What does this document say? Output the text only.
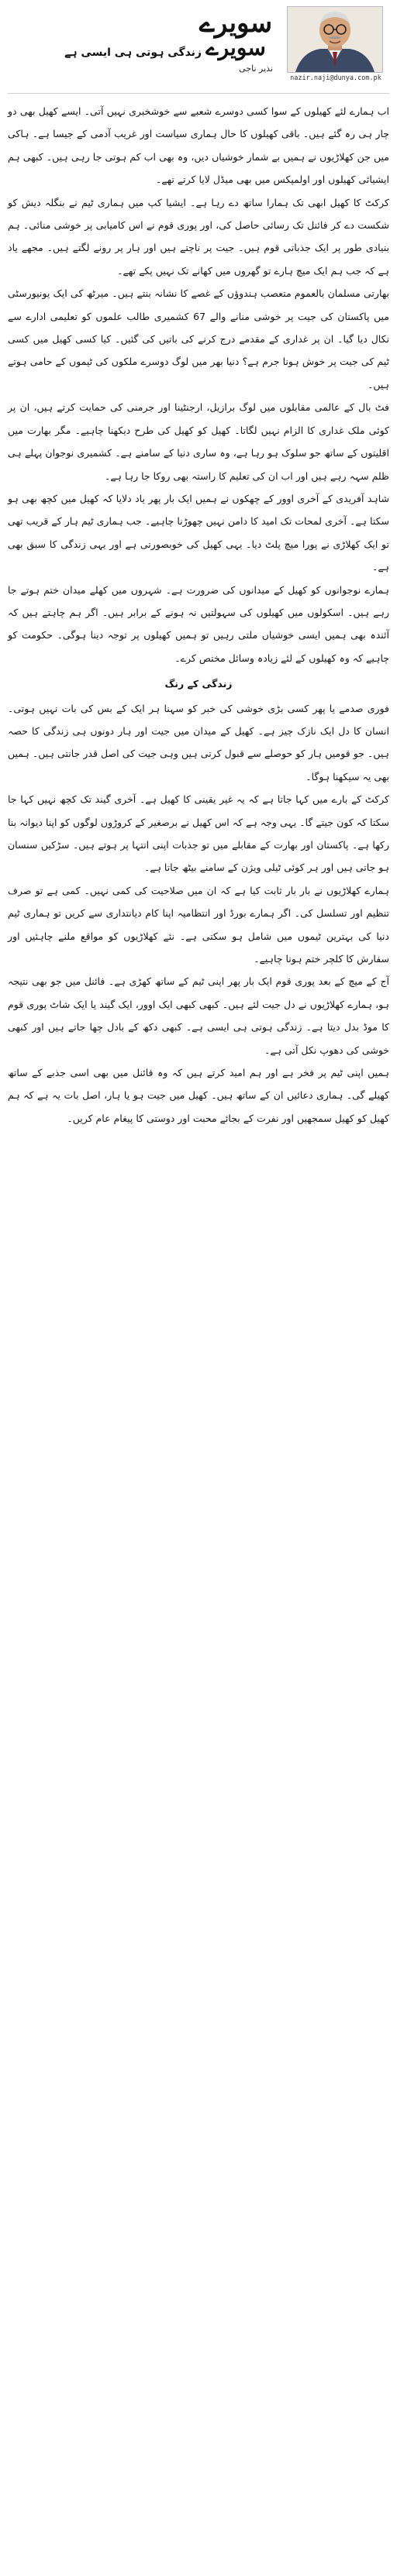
زندگی ہوتی ہی ایسی ہے
سویرے
سویرے
نذیر ناجی
nazir.naji@dunya.com.pk

اب ہمارے لئے کھیلوں کے سوا کسی دوسرے شعبے سے خوشخبری نہیں آتی۔ ایسے کھیل بھی دو چار ہی رہ گئے ہیں۔ باقی کھیلوں کا حال ہماری سیاست اور غریب آدمی کے جیسا ہے۔ ہاکی میں جن کھلاڑیوں نے ہمیں بے شمار خوشیاں دیں، وہ بھی اب کم ہوتی جا رہی ہیں۔ کبھی ہم ایشیائی کھیلوں اور اولمپکس میں بھی میڈل لایا کرتے تھے۔

کرکٹ کا کھیل ابھی تک ہمارا ساتھ دے رہا ہے۔ ایشیا کپ میں ہماری ٹیم نے بنگلہ دیش کو شکست دے کر فائنل تک رسائی حاصل کی، اور پوری قوم نے اس کامیابی پر خوشی منائی۔ ہم بنیادی طور پر ایک جذباتی قوم ہیں۔ جیت پر ناچتے ہیں اور ہار پر رونے لگتے ہیں۔ مجھے یاد ہے کہ جب ہم ایک میچ ہارے تو گھروں میں کھانے تک نہیں پکے تھے۔

بھارتی مسلمان بالعموم متعصب ہندوؤں کے غصے کا نشانہ بنتے ہیں۔ میرٹھ کی ایک یونیورسٹی میں پاکستان کی جیت پر خوشی منانے والے 67 کشمیری طالب علموں کو تعلیمی ادارے سے نکال دیا گیا۔ ان پر غداری کے مقدمے درج کرنے کی باتیں کی گئیں۔ کیا کسی کھیل میں کسی ٹیم کی جیت پر خوش ہونا جرم ہے؟ دنیا بھر میں لوگ دوسرے ملکوں کی ٹیموں کے حامی ہوتے ہیں۔

فٹ بال کے عالمی مقابلوں میں لوگ برازیل، ارجنٹینا اور جرمنی کی حمایت کرتے ہیں، ان پر کوئی ملک غداری کا الزام نہیں لگاتا۔ کھیل کو کھیل کی طرح دیکھنا چاہیے۔ مگر بھارت میں اقلیتوں کے ساتھ جو سلوک ہو رہا ہے، وہ ساری دنیا کے سامنے ہے۔ کشمیری نوجوان پہلے ہی ظلم سہہ رہے ہیں اور اب ان کی تعلیم کا راستہ بھی روکا جا رہا ہے۔

شاہد آفریدی کے آخری اوور کے چھکوں نے ہمیں ایک بار پھر یاد دلایا کہ کھیل میں کچھ بھی ہو سکتا ہے۔ آخری لمحات تک امید کا دامن نہیں چھوڑنا چاہیے۔ جب ہماری ٹیم ہار کے قریب تھی تو ایک کھلاڑی نے پورا میچ پلٹ دیا۔ یہی کھیل کی خوبصورتی ہے اور یہی زندگی کا سبق بھی ہے۔

ہمارے نوجوانوں کو کھیل کے میدانوں کی ضرورت ہے۔ شہروں میں کھلے میدان ختم ہوتے جا رہے ہیں۔ اسکولوں میں کھیلوں کی سہولتیں نہ ہونے کے برابر ہیں۔ اگر ہم چاہتے ہیں کہ آئندہ بھی ہمیں ایسی خوشیاں ملتی رہیں تو ہمیں کھیلوں پر توجہ دینا ہوگی۔ حکومت کو چاہیے کہ وہ کھیلوں کے لئے زیادہ وسائل مختص کرے۔

زندگی کے رنگ

فوری صدمے یا پھر کسی بڑی خوشی کی خبر کو سہنا ہر ایک کے بس کی بات نہیں ہوتی۔ انسان کا دل ایک نازک چیز ہے۔ کھیل کے میدان میں جیت اور ہار دونوں ہی زندگی کا حصہ ہیں۔ جو قومیں ہار کو حوصلے سے قبول کرتی ہیں وہی جیت کی اصل قدر جانتی ہیں۔ ہمیں بھی یہ سیکھنا ہوگا۔

کرکٹ کے بارے میں کہا جاتا ہے کہ یہ غیر یقینی کا کھیل ہے۔ آخری گیند تک کچھ نہیں کہا جا سکتا کہ کون جیتے گا۔ یہی وجہ ہے کہ اس کھیل نے برصغیر کے کروڑوں لوگوں کو اپنا دیوانہ بنا رکھا ہے۔ پاکستان اور بھارت کے مقابلے میں تو جذبات اپنی انتہا پر ہوتے ہیں۔ سڑکیں سنسان ہو جاتی ہیں اور ہر کوئی ٹیلی ویژن کے سامنے بیٹھ جاتا ہے۔

ہمارے کھلاڑیوں نے بار بار ثابت کیا ہے کہ ان میں صلاحیت کی کمی نہیں۔ کمی ہے تو صرف تنظیم اور تسلسل کی۔ اگر ہمارے بورڈ اور انتظامیہ اپنا کام دیانتداری سے کریں تو ہماری ٹیم دنیا کی بہترین ٹیموں میں شامل ہو سکتی ہے۔ نئے کھلاڑیوں کو مواقع ملنے چاہئیں اور سفارش کا کلچر ختم ہونا چاہیے۔

آج کے میچ کے بعد پوری قوم ایک بار پھر اپنی ٹیم کے ساتھ کھڑی ہے۔ فائنل میں جو بھی نتیجہ ہو، ہمارے کھلاڑیوں نے دل جیت لئے ہیں۔ کبھی کبھی ایک اوور، ایک گیند یا ایک شاٹ پوری قوم کا موڈ بدل دیتا ہے۔ زندگی ہوتی ہی ایسی ہے۔ کبھی دکھ کے بادل چھا جاتے ہیں اور کبھی خوشی کی دھوپ نکل آتی ہے۔

ہمیں اپنی ٹیم پر فخر ہے اور ہم امید کرتے ہیں کہ وہ فائنل میں بھی اسی جذبے کے ساتھ کھیلے گی۔ ہماری دعائیں ان کے ساتھ ہیں۔ کھیل میں جیت ہو یا ہار، اصل بات یہ ہے کہ ہم کھیل کو کھیل سمجھیں اور نفرت کے بجائے محبت اور دوستی کا پیغام عام کریں۔
